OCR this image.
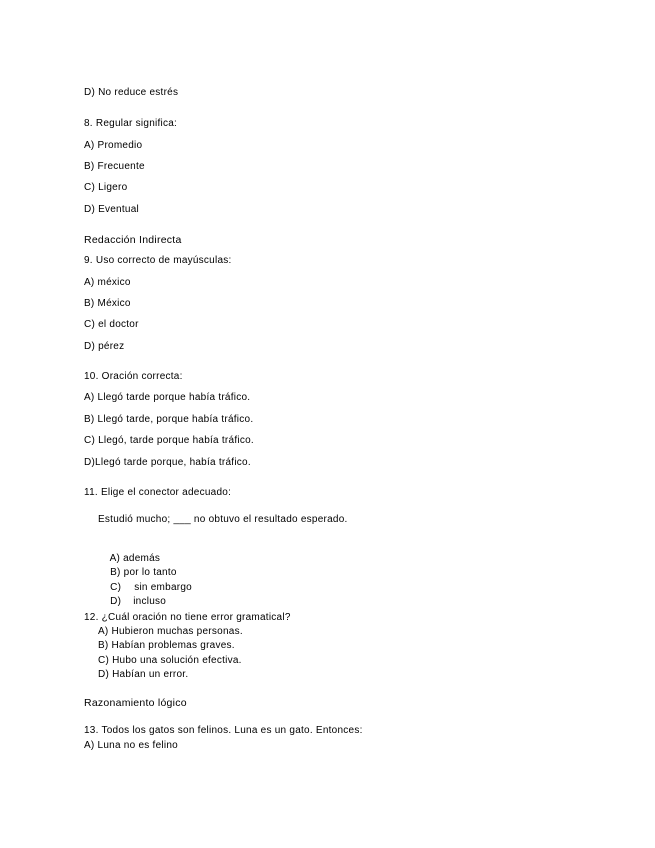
D) No reduce estrés
8. Regular significa:
A) Promedio
B) Frecuente
C) Ligero
D) Eventual
Redacción Indirecta
9. Uso correcto de mayúsculas:
A) méxico
B) México
C) el doctor
D) pérez
10. Oración correcta:
A) Llegó tarde porque había tráfico.
B) Llegó tarde, porque había tráfico.
C) Llegó, tarde porque había tráfico.
D)Llegó tarde porque, había tráfico.
11. Elige el conector adecuado:
Estudió mucho; ___ no obtuvo el resultado esperado.

A) además

B) por lo tanto

C) sin embargo

D) incluso

12. ¿Cuál oración no tiene error gramatical?
A) Hubieron muchas personas.
B) Habían problemas graves.
C) Hubo una solución efectiva.
D) Habían un error.
Razonamiento lógico
13. Todos los gatos son felinos. Luna es un gato. Entonces:
A) Luna no es felino
